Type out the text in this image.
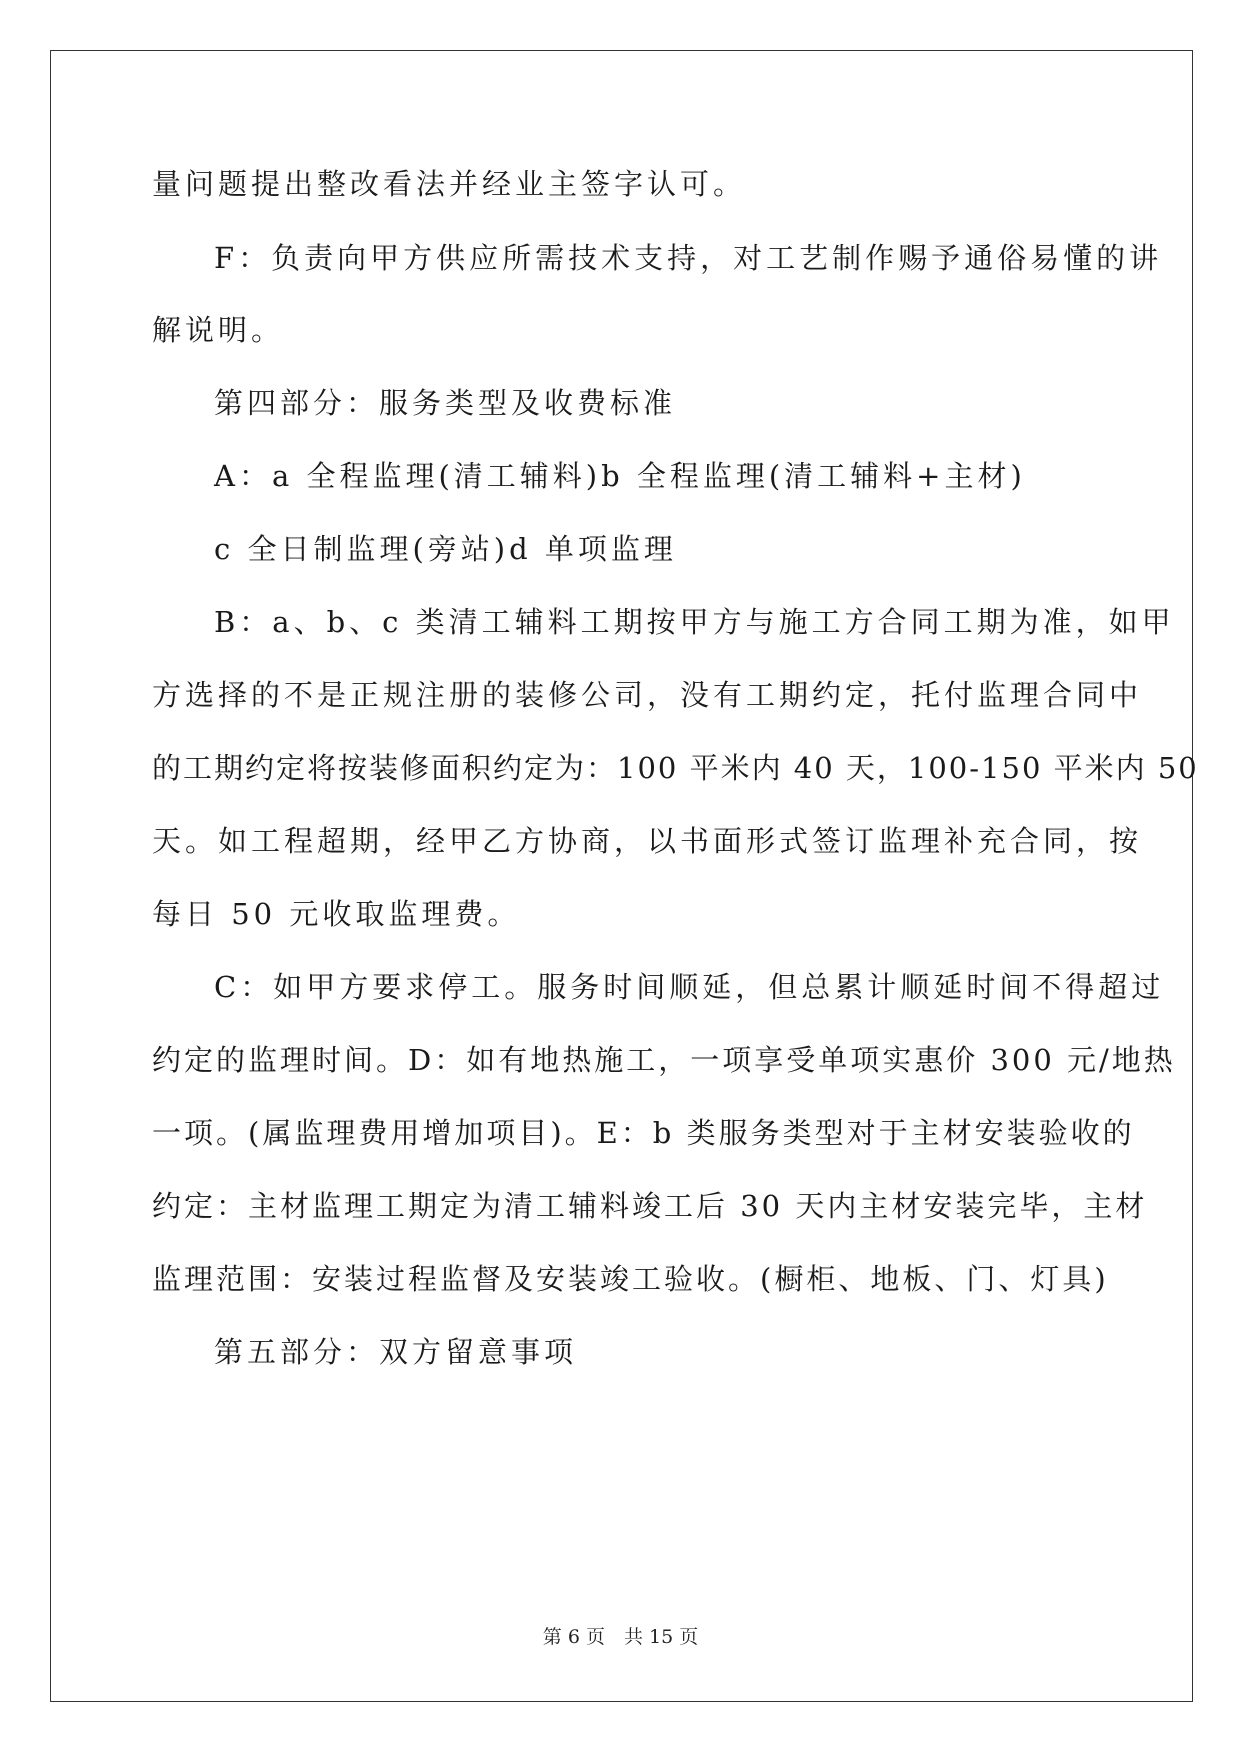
量问题提出整改看法并经业主签字认可。
F：负责向甲方供应所需技术支持，对工艺制作赐予通俗易懂的讲
解说明。
第四部分：服务类型及收费标准
A：a 全程监理(清工辅料)b 全程监理(清工辅料+主材)
c 全日制监理(旁站)d 单项监理
B：a、b、c 类清工辅料工期按甲方与施工方合同工期为准，如甲
方选择的不是正规注册的装修公司，没有工期约定，托付监理合同中
的工期约定将按装修面积约定为：100 平米内 40 天，100-150 平米内 50
天。如工程超期，经甲乙方协商，以书面形式签订监理补充合同，按
每日 50 元收取监理费。
C：如甲方要求停工。服务时间顺延，但总累计顺延时间不得超过
约定的监理时间。D：如有地热施工，一项享受单项实惠价 300 元/地热
一项。(属监理费用增加项目)。E：b 类服务类型对于主材安装验收的
约定：主材监理工期定为清工辅料竣工后 30 天内主材安装完毕，主材
监理范围：安装过程监督及安装竣工验收。(橱柜、地板、门、灯具)
第五部分：双方留意事项
第 6 页　共 15 页
